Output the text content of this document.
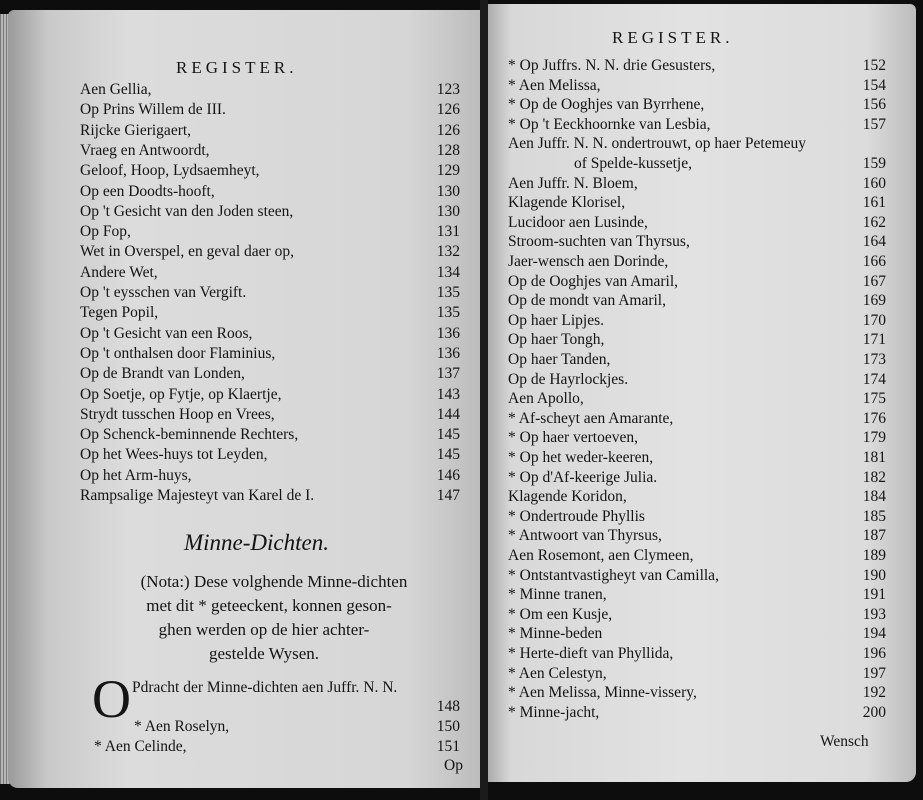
REGISTER.
Aen Gellia,	123
Op Prins Willem de III.	126
Rijcke Gierigaert,	126
Vraeg en Antwoordt,	128
Geloof, Hoop, Lydsaemheyt,	129
Op een Doodts-hooft,	130
Op 't Gesicht van den Joden steen,	130
Op Fop,	131
Wet in Overspel, en geval daer op,	132
Andere Wet,	134
Op 't eysschen van Vergift.	135
Tegen Popil,	135
Op 't Gesicht van een Roos,	136
Op 't onthalsen door Flaminius,	136
Op de Brandt van Londen,	137
Op Soetje, op Fytje, op Klaertje,	143
Strydt tusschen Hoop en Vrees,	144
Op Schenck-beminnende Rechters,	145
Op het Wees-huys tot Leyden,	145
Op het Arm-huys,	146
Rampsalige Majesteyt van Karel de I.	147
Minne-Dichten.
(Nota:) Dese volghende Minne-dichten
met dit * geteeckent, konnen geson-
ghen werden op de hier achter-
gestelde Wysen.
O Pdracht der Minne-dichten aen Juffr. N. N.
148
* Aen Roselyn,	150
* Aen Celinde,	151
Op
REGISTER.
* Op Juffrs. N. N. drie Gesusters,	152
* Aen Melissa,	154
* Op de Ooghjes van Byrrhene,	156
* Op 't Eeckhoornke van Lesbia,	157
Aen Juffr. N. N. ondertrouwt, op haer Petemeuy
of Spelde-kussetje,	159
Aen Juffr. N. Bloem,	160
Klagende Klorisel,	161
Lucidoor aen Lusinde,	162
Stroom-suchten van Thyrsus,	164
Jaer-wensch aen Dorinde,	166
Op de Ooghjes van Amaril,	167
Op de mondt van Amaril,	169
Op haer Lipjes.	170
Op haer Tongh,	171
Op haer Tanden,	173
Op de Hayrlockjes.	174
Aen Apollo,	175
* Af-scheyt aen Amarante,	176
* Op haer vertoeven,	179
* Op het weder-keeren,	181
* Op d'Af-keerige Julia.	182
Klagende Koridon,	184
* Ondertroude Phyllis	185
* Antwoort van Thyrsus,	187
Aen Rosemont, aen Clymeen,	189
* Ontstantvastigheyt van Camilla,	190
* Minne tranen,	191
* Om een Kusje,	193
* Minne-beden	194
* Herte-dieft van Phyllida,	196
* Aen Celestyn,	197
* Aen Melissa, Minne-vissery,	192
* Minne-jacht,	200
Wensch
